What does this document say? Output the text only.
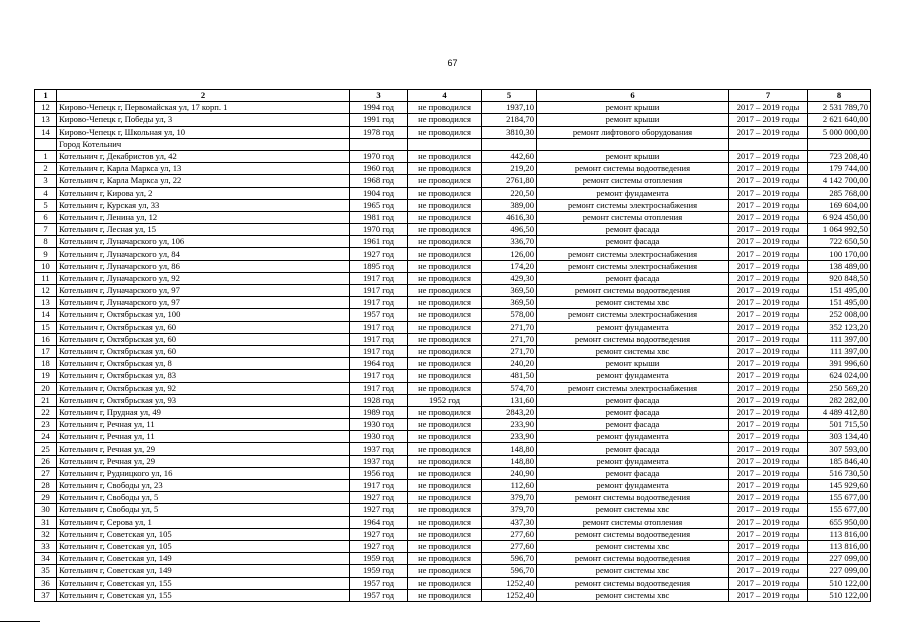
67
1	2	3	4	5	6	7	8
12	Кирово-Чепецк г, Первомайская ул, 17 корп. 1	1994 год	не проводился	1937,10	ремонт крыши	2017 – 2019 годы	2 531 789,70
13	Кирово-Чепецк г, Победы ул, 3	1991 год	не проводился	2184,70	ремонт крыши	2017 – 2019 годы	2 621 640,00
14	Кирово-Чепецк г, Школьная ул, 10	1978 год	не проводился	3810,30	ремонт лифтового оборудования	2017 – 2019 годы	5 000 000,00
	Город Котельнич						
1	Котельнич г, Декабристов ул, 42	1970 год	не проводился	442,60	ремонт крыши	2017 – 2019 годы	723 208,40
2	Котельнич г, Карла Маркса ул, 13	1960 год	не проводился	219,20	ремонт системы водоотведения	2017 – 2019 годы	179 744,00
3	Котельнич г, Карла Маркса ул, 22	1968 год	не проводился	2761,80	ремонт системы отопления	2017 – 2019 годы	4 142 700,00
4	Котельнич г, Кирова ул, 2	1904 год	не проводился	220,50	ремонт фундамента	2017 – 2019 годы	285 768,00
5	Котельнич г, Курская ул, 33	1965 год	не проводился	389,00	ремонт системы электроснабжения	2017 – 2019 годы	169 604,00
6	Котельнич г, Ленина ул, 12	1981 год	не проводился	4616,30	ремонт системы отопления	2017 – 2019 годы	6 924 450,00
7	Котельнич г, Лесная ул, 15	1970 год	не проводился	496,50	ремонт фасада	2017 – 2019 годы	1 064 992,50
8	Котельнич г, Луначарского ул, 106	1961 год	не проводился	336,70	ремонт фасада	2017 – 2019 годы	722 650,50
9	Котельнич г, Луначарского ул, 84	1927 год	не проводился	126,00	ремонт системы электроснабжения	2017 – 2019 годы	100 170,00
10	Котельнич г, Луначарского ул, 86	1895 год	не проводился	174,20	ремонт системы электроснабжения	2017 – 2019 годы	138 489,00
11	Котельнич г, Луначарского ул, 92	1917 год	не проводился	429,30	ремонт фасада	2017 – 2019 годы	920 848,50
12	Котельнич г, Луначарского ул, 97	1917 год	не проводился	369,50	ремонт системы водоотведения	2017 – 2019 годы	151 495,00
13	Котельнич г, Луначарского ул, 97	1917 год	не проводился	369,50	ремонт системы хвс	2017 – 2019 годы	151 495,00
14	Котельнич г, Октябрьская ул, 100	1957 год	не проводился	578,00	ремонт системы электроснабжения	2017 – 2019 годы	252 008,00
15	Котельнич г, Октябрьская ул, 60	1917 год	не проводился	271,70	ремонт фундамента	2017 – 2019 годы	352 123,20
16	Котельнич г, Октябрьская ул, 60	1917 год	не проводился	271,70	ремонт системы водоотведения	2017 – 2019 годы	111 397,00
17	Котельнич г, Октябрьская ул, 60	1917 год	не проводился	271,70	ремонт системы хвс	2017 – 2019 годы	111 397,00
18	Котельнич г, Октябрьская ул, 8	1964 год	не проводился	240,20	ремонт крыши	2017 – 2019 годы	391 996,60
19	Котельнич г, Октябрьская ул, 83	1917 год	не проводился	481,50	ремонт фундамента	2017 – 2019 годы	624 024,00
20	Котельнич г, Октябрьская ул, 92	1917 год	не проводился	574,70	ремонт системы электроснабжения	2017 – 2019 годы	250 569,20
21	Котельнич г, Октябрьская ул, 93	1928 год	1952 год	131,60	ремонт фасада	2017 – 2019 годы	282 282,00
22	Котельнич г, Прудная ул, 49	1989 год	не проводился	2843,20	ремонт фасада	2017 – 2019 годы	4 489 412,80
23	Котельнич г, Речная ул, 11	1930 год	не проводился	233,90	ремонт фасада	2017 – 2019 годы	501 715,50
24	Котельнич г, Речная ул, 11	1930 год	не проводился	233,90	ремонт фундамента	2017 – 2019 годы	303 134,40
25	Котельнич г, Речная ул, 29	1937 год	не проводился	148,80	ремонт фасада	2017 – 2019 годы	307 593,00
26	Котельнич г, Речная ул, 29	1937 год	не проводился	148,80	ремонт фундамента	2017 – 2019 годы	185 846,40
27	Котельнич г, Рудницкого ул, 16	1956 год	не проводился	240,90	ремонт фасада	2017 – 2019 годы	516 730,50
28	Котельнич г, Свободы ул, 23	1917 год	не проводился	112,60	ремонт фундамента	2017 – 2019 годы	145 929,60
29	Котельнич г, Свободы ул, 5	1927 год	не проводился	379,70	ремонт системы водоотведения	2017 – 2019 годы	155 677,00
30	Котельнич г, Свободы ул, 5	1927 год	не проводился	379,70	ремонт системы хвс	2017 – 2019 годы	155 677,00
31	Котельнич г, Серова ул, 1	1964 год	не проводился	437,30	ремонт системы отопления	2017 – 2019 годы	655 950,00
32	Котельнич г, Советская ул, 105	1927 год	не проводился	277,60	ремонт системы водоотведения	2017 – 2019 годы	113 816,00
33	Котельнич г, Советская ул, 105	1927 год	не проводился	277,60	ремонт системы хвс	2017 – 2019 годы	113 816,00
34	Котельнич г, Советская ул, 149	1959 год	не проводился	596,70	ремонт системы водоотведения	2017 – 2019 годы	227 099,00
35	Котельнич г, Советская ул, 149	1959 год	не проводился	596,70	ремонт системы хвс	2017 – 2019 годы	227 099,00
36	Котельнич г, Советская ул, 155	1957 год	не проводился	1252,40	ремонт системы водоотведения	2017 – 2019 годы	510 122,00
37	Котельнич г, Советская ул, 155	1957 год	не проводился	1252,40	ремонт системы хвс	2017 – 2019 годы	510 122,00
